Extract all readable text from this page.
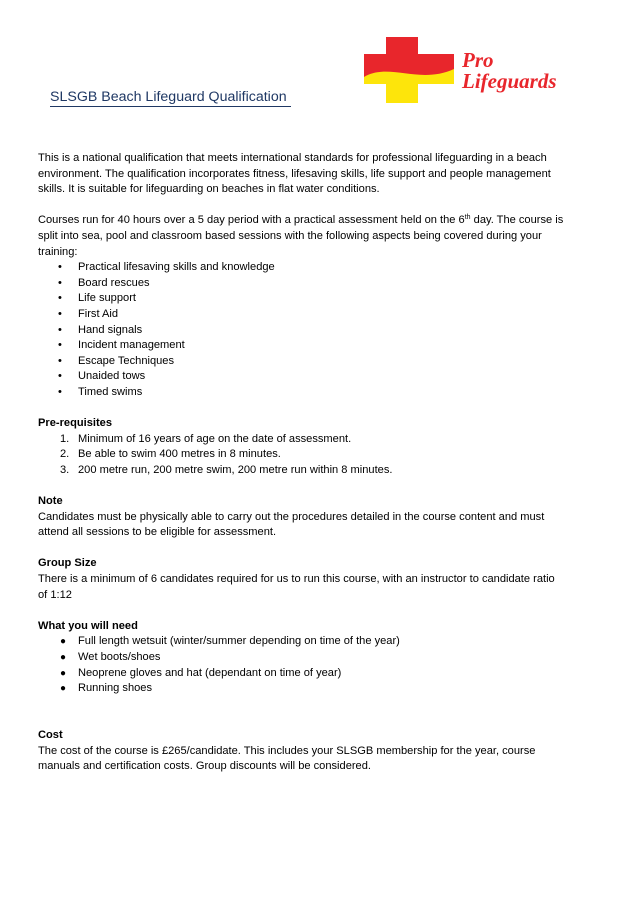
Pro
Lifeguards
SLSGB Beach Lifeguard Qualification

This is a national qualification that meets international standards for professional lifeguarding in a beach

environment. The qualification incorporates fitness, lifesaving skills, life support and people management

skills. It is suitable for lifeguarding on beaches in flat water conditions.

Courses run for 40 hours over a 5 day period with a practical assessment held on the 6th day. The course is

split into sea, pool and classroom based sessions with the following aspects being covered during your

training:

• Practical lifesaving skills and knowledge
• Board rescues
• Life support
• First Aid
• Hand signals
• Incident management
• Escape Techniques
• Unaided tows
• Timed swims

Pre-requisites

1. Minimum of 16 years of age on the date of assessment.
2. Be able to swim 400 metres in 8 minutes.
3. 200 metre run, 200 metre swim, 200 metre run within 8 minutes.

Note

Candidates must be physically able to carry out the procedures detailed in the course content and must

attend all sessions to be eligible for assessment.

Group Size

There is a minimum of 6 candidates required for us to run this course, with an instructor to candidate ratio

of 1:12

What you will need

● Full length wetsuit (winter/summer depending on time of the year)
● Wet boots/shoes
● Neoprene gloves and hat (dependant on time of year)
● Running shoes

Cost

The cost of the course is £265/candidate. This includes your SLSGB membership for the year, course

manuals and certification costs. Group discounts will be considered.
